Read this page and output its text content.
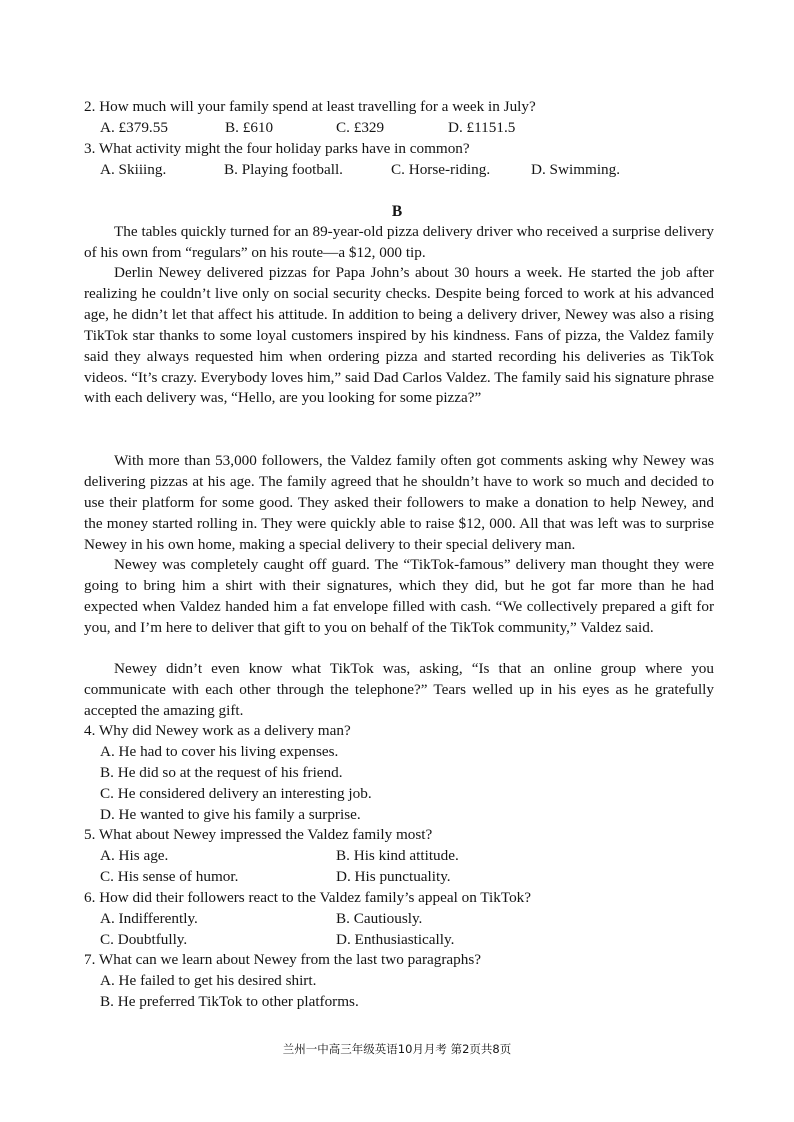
2. How much will your family spend at least travelling for a week in July?
A. £379.55	B. £610	C. £329	D. £1151.5
3. What activity might the four holiday parks have in common?
A. Skiiing.	B. Playing football.	C. Horse-riding.	D. Swimming.
B

The tables quickly turned for an 89-year-old pizza delivery driver who received a surprise delivery of his own from “regulars” on his route—a $12, 000 tip.

Derlin Newey delivered pizzas for Papa John’s about 30 hours a week. He started the job after realizing he couldn’t live only on social security checks. Despite being forced to work at his advanced age, he didn’t let that affect his attitude. In addition to being a delivery driver, Newey was also a rising TikTok star thanks to some loyal customers inspired by his kindness. Fans of pizza, the Valdez family said they always requested him when ordering pizza and started recording his deliveries as TikTok videos. “It’s crazy. Everybody loves him,” said Dad Carlos Valdez. The family said his signature phrase with each delivery was, “Hello, are you looking for some pizza?”

With more than 53,000 followers, the Valdez family often got comments asking why Newey was delivering pizzas at his age. The family agreed that he shouldn’t have to work so much and decided to use their platform for some good. They asked their followers to make a donation to help Newey, and the money started rolling in. They were quickly able to raise $12, 000. All that was left was to surprise Newey in his own home, making a special delivery to their special delivery man.

Newey was completely caught off guard. The “TikTok-famous” delivery man thought they were going to bring him a shirt with their signatures, which they did, but he got far more than he had expected when Valdez handed him a fat envelope filled with cash. “We collectively prepared a gift for you, and I’m here to deliver that gift to you on behalf of the TikTok community,” Valdez said.

Newey didn’t even know what TikTok was, asking, “Is that an online group where you communicate with each other through the telephone?” Tears welled up in his eyes as he gratefully accepted the amazing gift.

4. Why did Newey work as a delivery man?
A. He had to cover his living expenses.
B. He did so at the request of his friend.
C. He considered delivery an interesting job.
D. He wanted to give his family a surprise.
5. What about Newey impressed the Valdez family most?
A. His age.	B. His kind attitude.
C. His sense of humor.	D. His punctuality.
6. How did their followers react to the Valdez family’s appeal on TikTok?
A. Indifferently.	B. Cautiously.
C. Doubtfully.	D. Enthusiastically.
7. What can we learn about Newey from the last two paragraphs?
A. He failed to get his desired shirt.
B. He preferred TikTok to other platforms.
兰州一中高三年级英语10月月考 第2页共8页
